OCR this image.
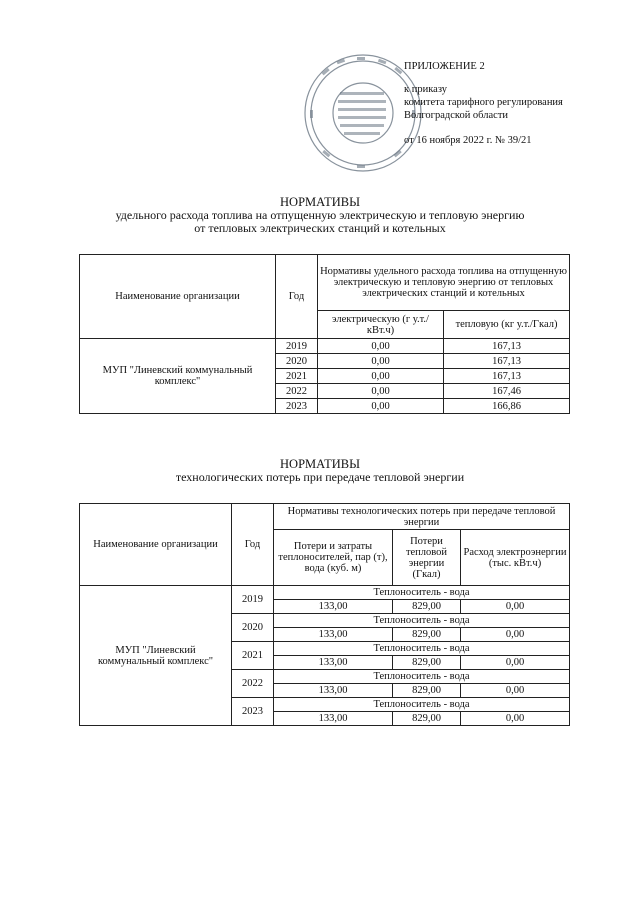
ПРИЛОЖЕНИЕ 2
к приказу
комитета тарифного регулирования
Волгоградской области
от 16 ноября 2022 г. № 39/21
НОРМАТИВЫ
удельного расхода топлива на отпущенную электрическую и тепловую энергию
от тепловых электрических станций и котельных
Наименование организации	Год	Нормативы удельного расхода топлива на отпущенную электрическую и тепловую энергию от тепловых электрических станций и котельных	
		электрическую (г у.т./кВт.ч)	тепловую (кг у.т./Гкал)
МУП "Линевский коммунальный комплекс"	2019	0,00	167,13
	2020	0,00	167,13
	2021	0,00	167,13
	2022	0,00	167,46
	2023	0,00	166,86
НОРМАТИВЫ
технологических потерь при передаче тепловой энергии
Наименование организации	Год	Нормативы технологических потерь при передаче тепловой энергии		
		Потери и затраты теплоносителей, пар (т), вода (куб. м)	Потери тепловой энергии (Гкал)	Расход электроэнергии (тыс. кВт.ч)
МУП "Линевский коммунальный комплекс"	2019	Теплоноситель - вода		
		133,00	829,00	0,00
	2020	Теплоноситель - вода		
		133,00	829,00	0,00
	2021	Теплоноситель - вода		
		133,00	829,00	0,00
	2022	Теплоноситель - вода		
		133,00	829,00	0,00
	2023	Теплоноситель - вода		
		133,00	829,00	0,00
